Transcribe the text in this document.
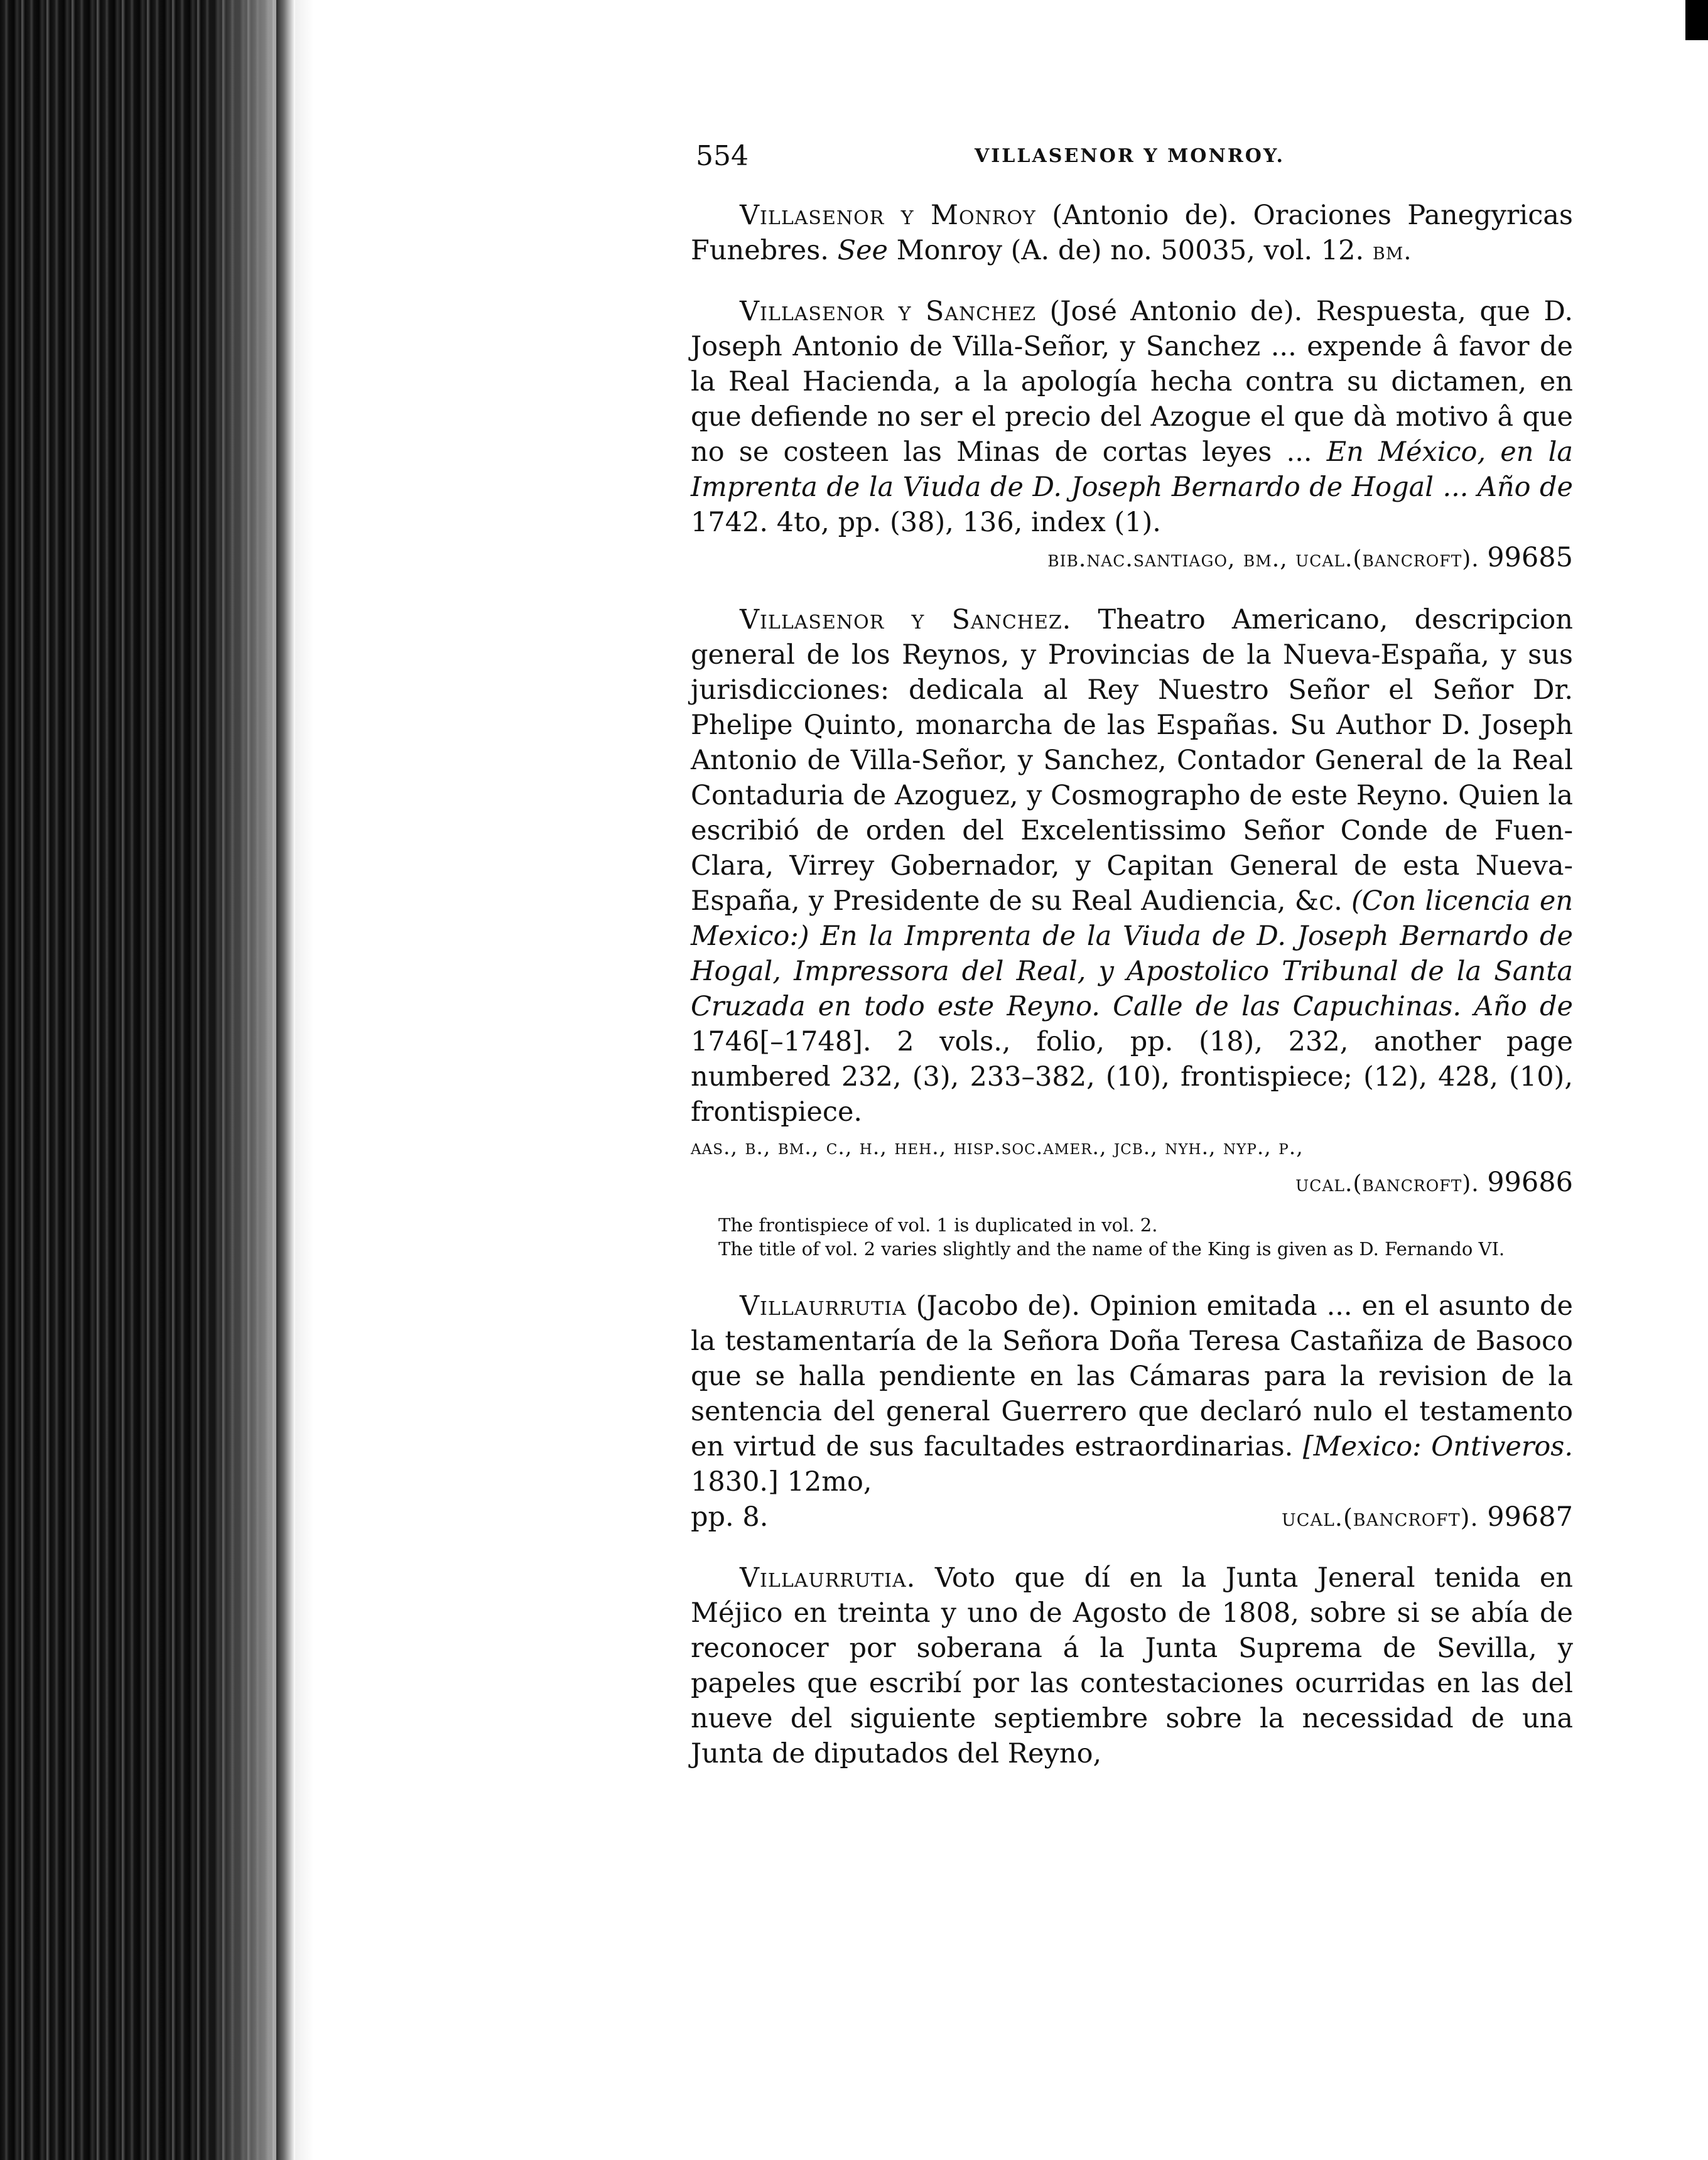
554	VILLASENOR Y MONROY.

Villasenor y Monroy (Antonio de). Oraciones Panegyricas Funebres. See Monroy (A. de) no. 50035, vol. 12. bm.

Villasenor y Sanchez (José Antonio de). Respuesta, que D. Joseph Antonio de Villa-Señor, y Sanchez ... expende â favor de la Real Hacienda, a la apología hecha contra su dictamen, en que defiende no ser el precio del Azogue el que dà motivo â que no se costeen las Minas de cortas leyes ... En México, en la Imprenta de la Viuda de D. Joseph Bernardo de Hogal ... Año de 1742. 4to, pp. (38), 136, index (1).

bib.nac.santiago, bm., ucal.(bancroft). 99685

Villasenor y Sanchez. Theatro Americano, descripcion general de los Reynos, y Provincias de la Nueva-España, y sus jurisdicciones: dedicala al Rey Nuestro Señor el Señor Dr. Phelipe Quinto, monarcha de las Españas. Su Author D. Joseph Antonio de Villa-Señor, y Sanchez, Contador General de la Real Contaduria de Azoguez, y Cosmographo de este Reyno. Quien la escribió de orden del Excelentissimo Señor Conde de Fuen-Clara, Virrey Gobernador, y Capitan General de esta Nueva-España, y Presidente de su Real Audiencia, &c. (Con licencia en Mexico:) En la Imprenta de la Viuda de D. Joseph Bernardo de Hogal, Impressora del Real, y Apostolico Tribunal de la Santa Cruzada en todo este Reyno. Calle de las Capuchinas. Año de 1746[–1748]. 2 vols., folio, pp. (18), 232, another page numbered 232, (3), 233–382, (10), frontispiece; (12), 428, (10), frontispiece.

aas., b., bm., c., h., heh., hisp.soc.amer., jcb., nyh., nyp., p.,
ucal.(bancroft). 99686

The frontispiece of vol. 1 is duplicated in vol. 2.

The title of vol. 2 varies slightly and the name of the King is given as D. Fernando VI.

Villaurrutia (Jacobo de). Opinion emitada ... en el asunto de la testamentaría de la Señora Doña Teresa Castañiza de Basoco que se halla pendiente en las Cámaras para la revision de la sentencia del general Guerrero que declaró nulo el testamento en virtud de sus facultades estraordinarias. [Mexico: Ontiveros. 1830.] 12mo,

pp. 8.	ucal.(bancroft). 99687

Villaurrutia. Voto que dí en la Junta Jeneral tenida en Méjico en treinta y uno de Agosto de 1808, sobre si se abía de reconocer por soberana á la Junta Suprema de Sevilla, y papeles que escribí por las contestaciones ocurridas en las del nueve del siguiente septiembre sobre la necessidad de una Junta de diputados del Reyno,
